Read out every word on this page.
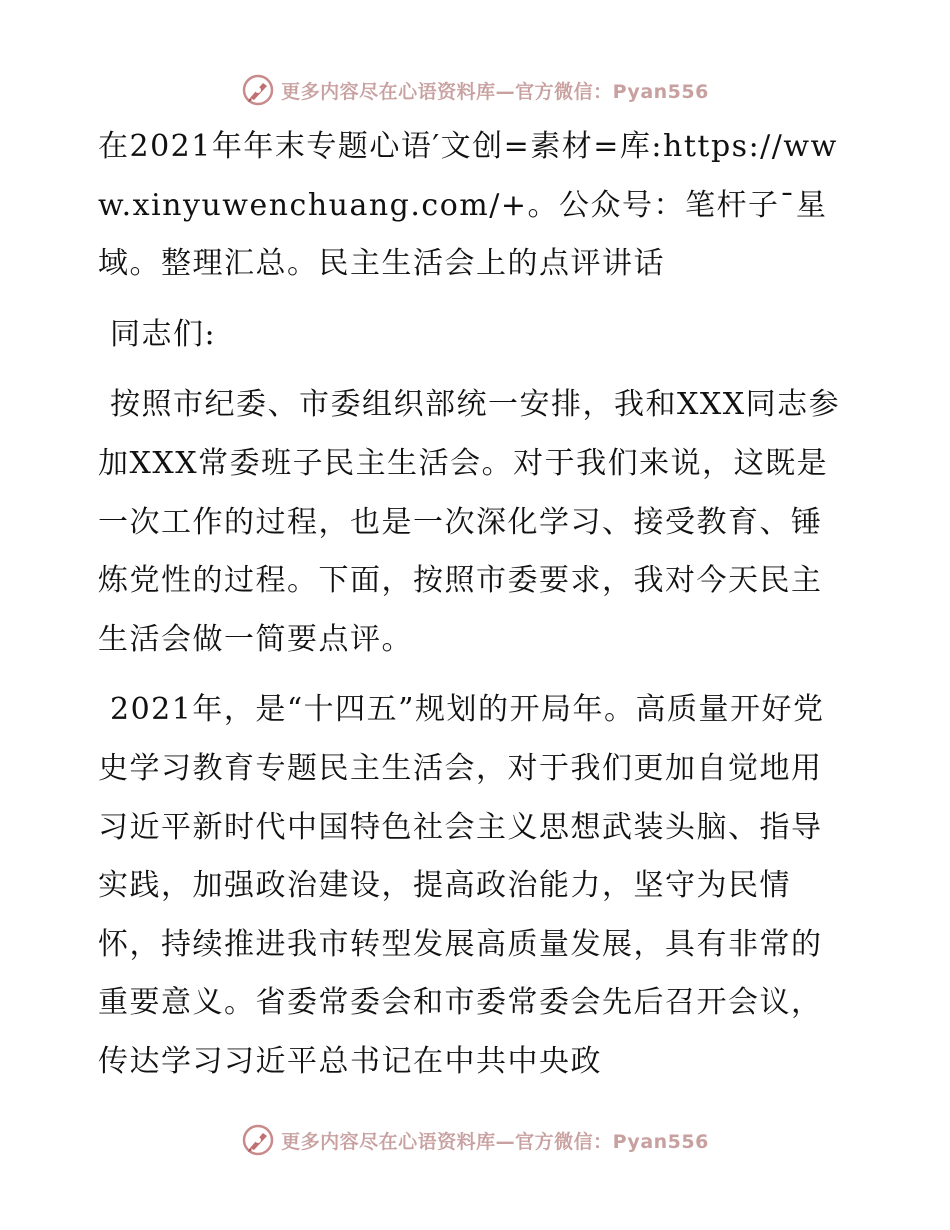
更多内容尽在心语资料库—官方微信：Pyan556

在2021年年末专题心语′文创=素材=库:https://www.xinyuwenchuang.com/+。公众号：笔杆子¯星域。整理汇总。民主生活会上的点评讲话

同志们:

按照市纪委、市委组织部统一安排，我和XXX同志参加XXX常委班子民主生活会。对于我们来说，这既是一次工作的过程，也是一次深化学习、接受教育、锤炼党性的过程。下面，按照市委要求，我对今天民主生活会做一简要点评。

2021年，是“十四五”规划的开局年。高质量开好党史学习教育专题民主生活会，对于我们更加自觉地用习近平新时代中国特色社会主义思想武装头脑、指导实践，加强政治建设，提高政治能力，坚守为民情怀，持续推进我市转型发展高质量发展，具有非常的重要意义。省委常委会和市委常委会先后召开会议，传达学习习近平总书记在中共中央政

更多内容尽在心语资料库—官方微信：Pyan556
